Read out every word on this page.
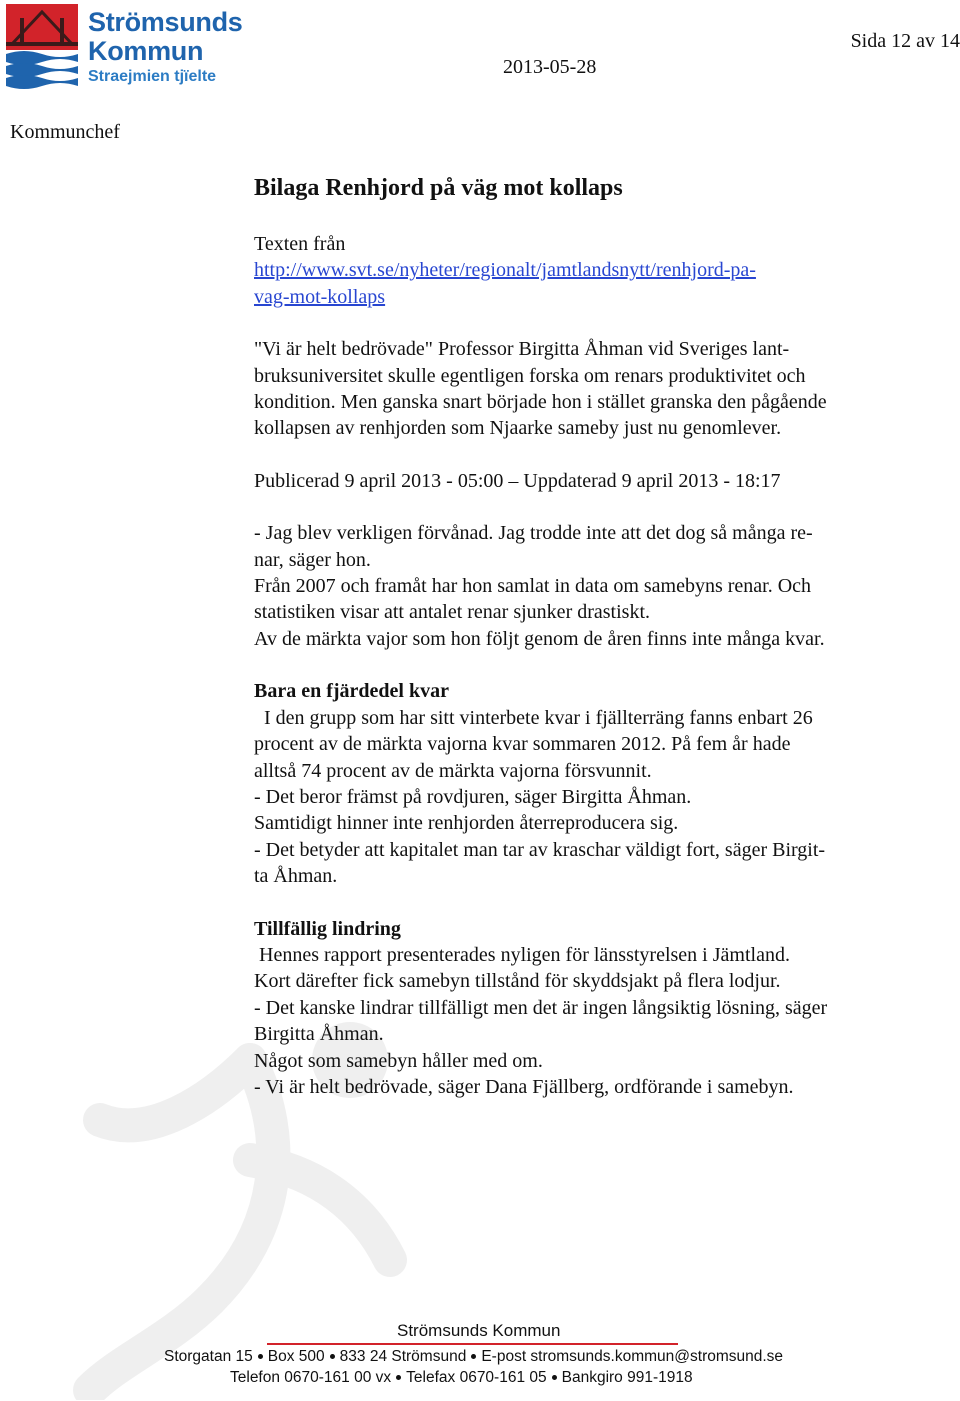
Strömsunds
Kommun
Straejmien tjïelte	2013-05-28
Sida 12 av 14
Kommunchef
Bilaga Renhjord på väg mot kollaps

Texten från
http://www.svt.se/nyheter/regionalt/jamtlandsnytt/renhjord-pa-
vag-mot-kollaps

"Vi är helt bedrövade" Professor Birgitta Åhman vid Sveriges lant-
bruksuniversitet skulle egentligen forska om renars produktivitet och
kondition. Men ganska snart började hon i stället granska den pågående
kollapsen av renhjorden som Njaarke sameby just nu genomlever.

Publicerad 9 april 2013 - 05:00 – Uppdaterad 9 april 2013 - 18:17

- Jag blev verkligen förvånad. Jag trodde inte att det dog så många re-
nar, säger hon.
Från 2007 och framåt har hon samlat in data om samebyns renar. Och
statistiken visar att antalet renar sjunker drastiskt.
Av de märkta vajor som hon följt genom de åren finns inte många kvar.

Bara en fjärdedel kvar
I den grupp som har sitt vinterbete kvar i fjällterräng fanns enbart 26
procent av de märkta vajorna kvar sommaren 2012. På fem år hade
alltså 74 procent av de märkta vajorna försvunnit.
- Det beror främst på rovdjuren, säger Birgitta Åhman.
Samtidigt hinner inte renhjorden återreproducera sig.
- Det betyder att kapitalet man tar av kraschar väldigt fort, säger Birgit-
ta Åhman.

Tillfällig lindring
Hennes rapport presenterades nyligen för länsstyrelsen i Jämtland.
Kort därefter fick samebyn tillstånd för skyddsjakt på flera lodjur.
- Det kanske lindrar tillfälligt men det är ingen långsiktig lösning, säger
Birgitta Åhman.
Något som samebyn håller med om.
- Vi är helt bedrövade, säger Dana Fjällberg, ordförande i samebyn.

Strömsunds Kommun
Storgatan 15 Box 500 833 24 Strömsund E-post stromsunds.kommun@stromsund.se
Telefon 0670-161 00 vx Telefax 0670-161 05 Bankgiro 991-1918
